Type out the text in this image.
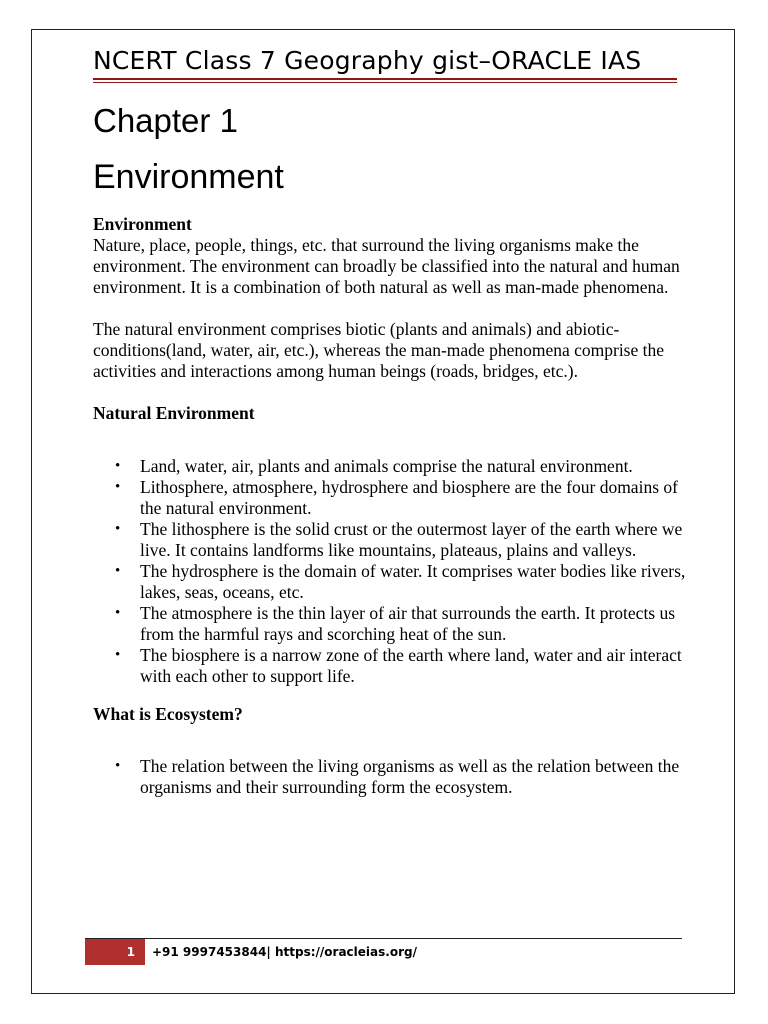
NCERT Class 7 Geography gist–ORACLE IAS
Chapter 1
Environment

Environment

Nature, place, people, things, etc. that surround the living organisms make the environment. The environment can broadly be classified into the natural and human environment. It is a combination of both natural as well as man-made phenomena.

The natural environment comprises biotic (plants and animals) and abiotic-conditions(land, water, air, etc.), whereas the man-made phenomena comprise the activities and interactions among human beings (roads, bridges, etc.).

Natural Environment

• Land, water, air, plants and animals comprise the natural environment.
• Lithosphere, atmosphere, hydrosphere and biosphere are the four domains of the natural environment.
• The lithosphere is the solid crust or the outermost layer of the earth where we live. It contains landforms like mountains, plateaus, plains and valleys.
• The hydrosphere is the domain of water. It comprises water bodies like rivers, lakes, seas, oceans, etc.
• The atmosphere is the thin layer of air that surrounds the earth. It protects us from the harmful rays and scorching heat of the sun.
• The biosphere is a narrow zone of the earth where land, water and air interact with each other to support life.

What is Ecosystem?

• The relation between the living organisms as well as the relation between the organisms and their surrounding form the ecosystem.
1	+91 9997453844| https://oracleias.org/
